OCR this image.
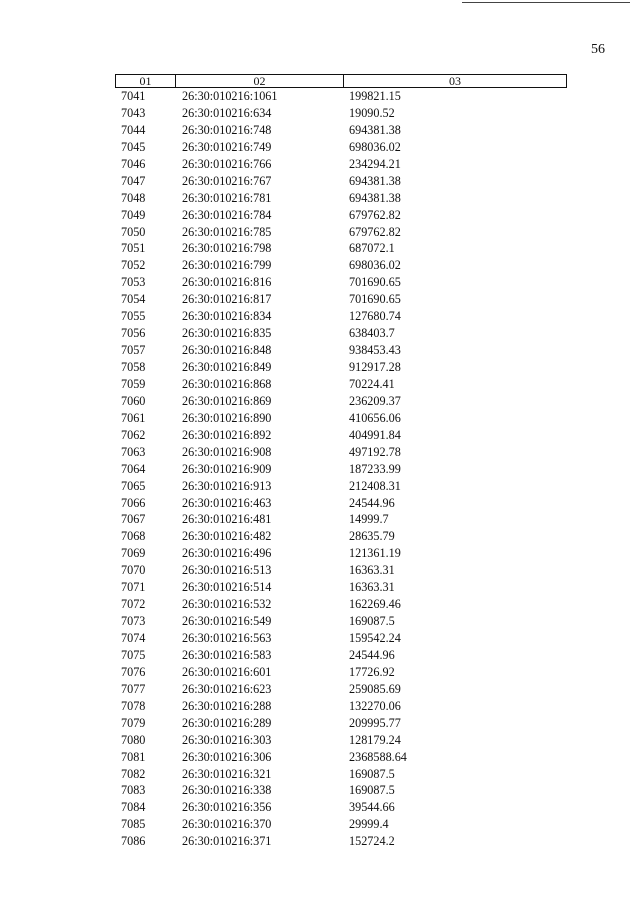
56
01	02	03
7041	26:30:010216:1061	199821.15
7043	26:30:010216:634	19090.52
7044	26:30:010216:748	694381.38
7045	26:30:010216:749	698036.02
7046	26:30:010216:766	234294.21
7047	26:30:010216:767	694381.38
7048	26:30:010216:781	694381.38
7049	26:30:010216:784	679762.82
7050	26:30:010216:785	679762.82
7051	26:30:010216:798	687072.1
7052	26:30:010216:799	698036.02
7053	26:30:010216:816	701690.65
7054	26:30:010216:817	701690.65
7055	26:30:010216:834	127680.74
7056	26:30:010216:835	638403.7
7057	26:30:010216:848	938453.43
7058	26:30:010216:849	912917.28
7059	26:30:010216:868	70224.41
7060	26:30:010216:869	236209.37
7061	26:30:010216:890	410656.06
7062	26:30:010216:892	404991.84
7063	26:30:010216:908	497192.78
7064	26:30:010216:909	187233.99
7065	26:30:010216:913	212408.31
7066	26:30:010216:463	24544.96
7067	26:30:010216:481	14999.7
7068	26:30:010216:482	28635.79
7069	26:30:010216:496	121361.19
7070	26:30:010216:513	16363.31
7071	26:30:010216:514	16363.31
7072	26:30:010216:532	162269.46
7073	26:30:010216:549	169087.5
7074	26:30:010216:563	159542.24
7075	26:30:010216:583	24544.96
7076	26:30:010216:601	17726.92
7077	26:30:010216:623	259085.69
7078	26:30:010216:288	132270.06
7079	26:30:010216:289	209995.77
7080	26:30:010216:303	128179.24
7081	26:30:010216:306	2368588.64
7082	26:30:010216:321	169087.5
7083	26:30:010216:338	169087.5
7084	26:30:010216:356	39544.66
7085	26:30:010216:370	29999.4
7086	26:30:010216:371	152724.2
